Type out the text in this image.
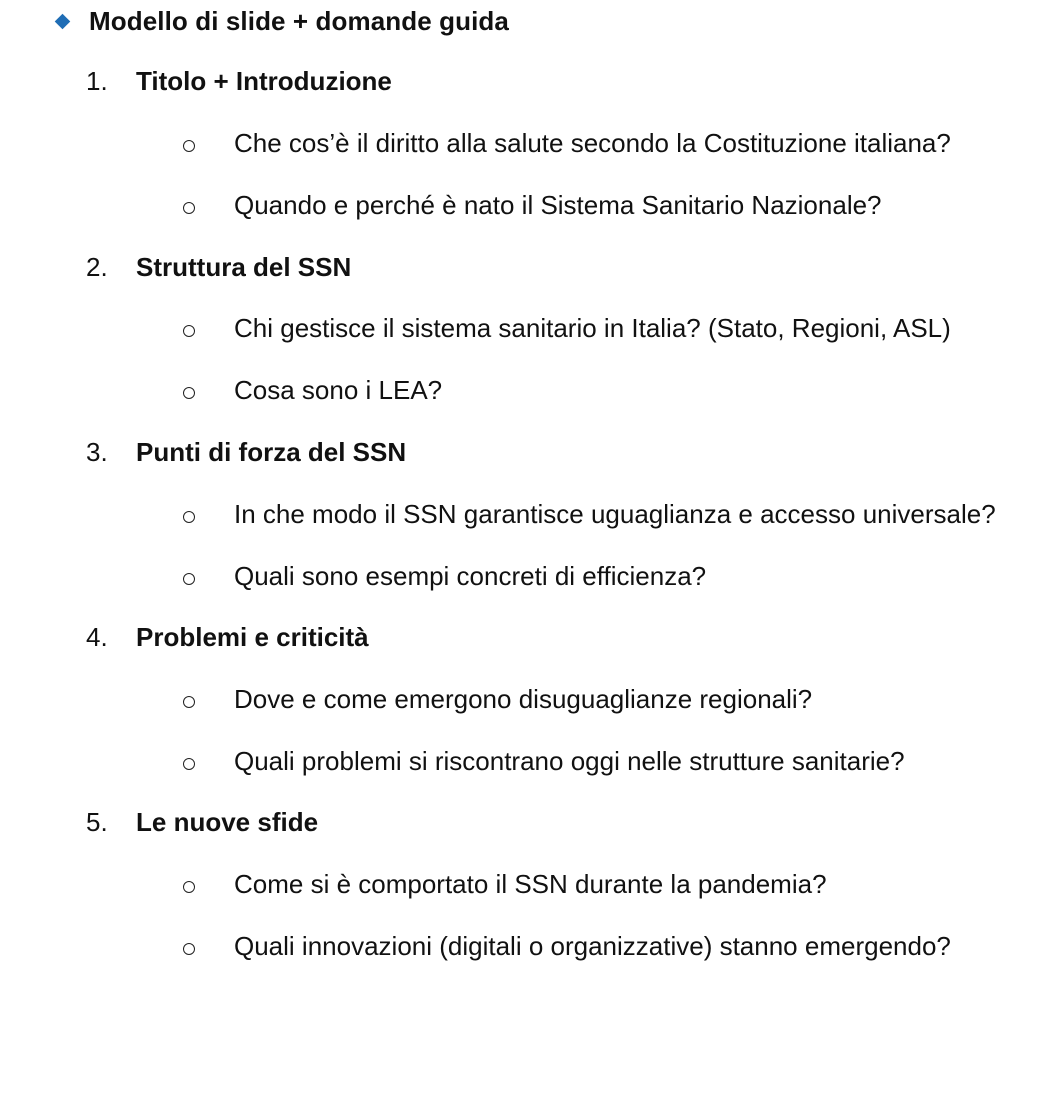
Modello di slide + domande guida
1.	Titolo + Introduzione
Che cos’è il diritto alla salute secondo la Costituzione italiana?
Quando e perché è nato il Sistema Sanitario Nazionale?
2.	Struttura del SSN
Chi gestisce il sistema sanitario in Italia? (Stato, Regioni, ASL)
Cosa sono i LEA?
3.	Punti di forza del SSN
In che modo il SSN garantisce uguaglianza e accesso universale?
Quali sono esempi concreti di efficienza?
4.	Problemi e criticità
Dove e come emergono disuguaglianze regionali?
Quali problemi si riscontrano oggi nelle strutture sanitarie?
5.	Le nuove sfide
Come si è comportato il SSN durante la pandemia?
Quali innovazioni (digitali o organizzative) stanno emergendo?
